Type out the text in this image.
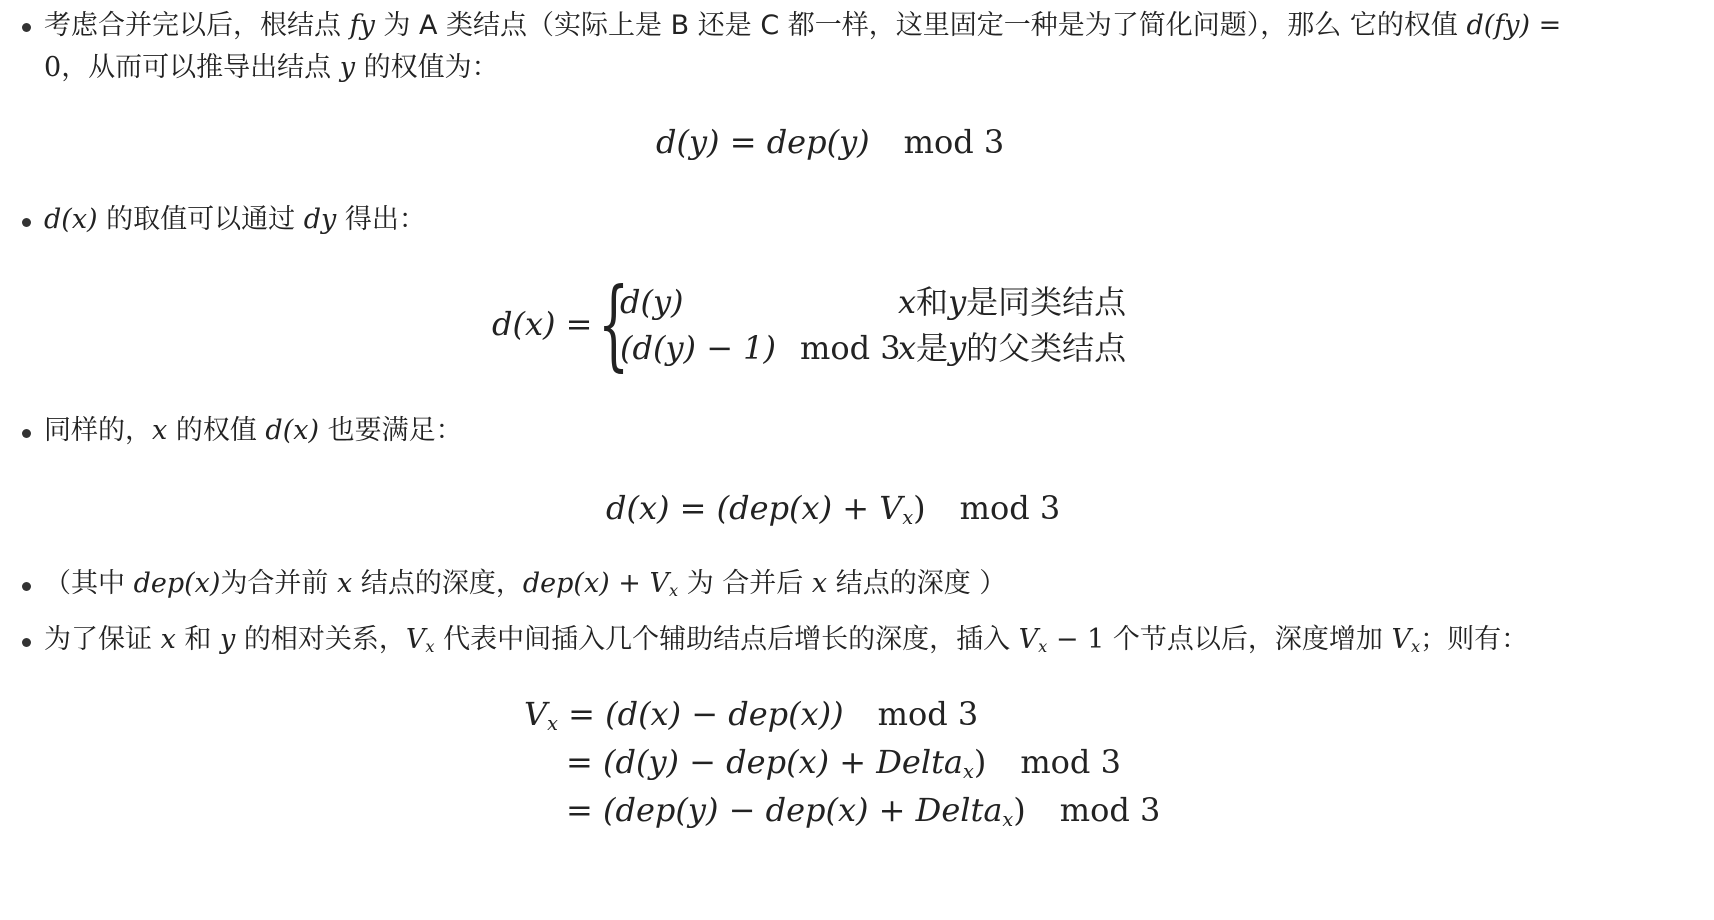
考虑合并完以后，根结点 fy 为 A 类结点（实际上是 B 还是 C 都一样，这里固定一种是为了简化问题），那么 它的权值 d(fy) =
0，从而可以推导出结点 y 的权值为：
d(y) = dep(y) mod 3
d(x) 的取值可以通过 dy 得出：
d(x) = {
d(y)	x和y是同类结点
(d(y) − 1) mod 3
x是y的父类结点
同样的，x 的权值 d(x) 也要满足：
$d(x) = (dep(x) + V_x)$ mod 3
（其中 dep(x)为合并前 x 结点的深度，$dep(x) + V_x$ 为 合并后 x 结点的深度 ）
为了保证 x 和 y 的相对关系，$V_x$ 代表中间插入几个辅助结点后增长的深度，插入 $V_x - 1$ 个节点以后，深度增加 $V_x$；则有：
$V_x = (d(x) - dep(x))$ mod 3
= (d(y) − dep(x) + Delta$_x$) mod 3
= (dep(y) − dep(x) + Delta$_x$) mod 3
